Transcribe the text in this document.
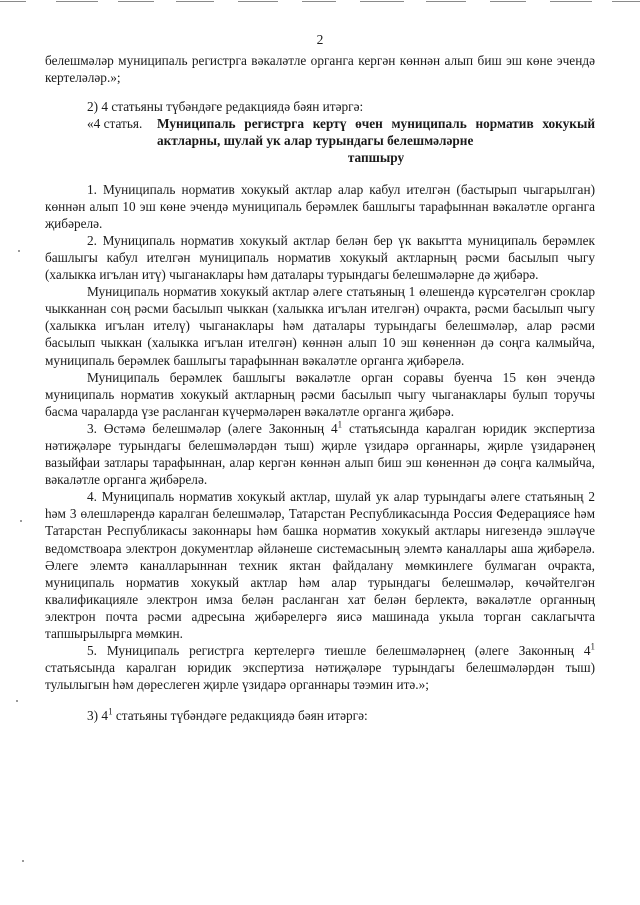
2

белешмәләр муниципаль регистрга вәкаләтле органга кергән көннән алып биш эш көне эчендә кертеләләр.»;

2) 4 статьяны түбәндәге редакциядә бәян итәргә:

«4 статья.	Муниципаль регистрга кертү өчен муниципаль норматив хокукый актларны, шулай ук алар турындагы белешмәләрне
тапшыру

1. Муниципаль норматив хокукый актлар алар кабул ителгән (бастырып чыгарылган) көннән алып 10 эш көне эчендә муниципаль берәмлек башлыгы тарафыннан вәкаләтле органга җибәрелә.

2. Муниципаль норматив хокукый актлар белән бер үк вакытта муниципаль берәмлек башлыгы кабул ителгән муниципаль норматив хокукый актларның рәсми басылып чыгу (халыкка игълан итү) чыганаклары һәм даталары турындагы белешмәләрне дә җибәрә.

Муниципаль норматив хокукый актлар әлеге статьяның 1 өлешендә күрсәтелгән сроклар чыкканнан соң рәсми басылып чыккан (халыкка игълан ителгән) очракта, рәсми басылып чыгу (халыкка игълан ителү) чыганаклары һәм даталары турындагы белешмәләр, алар рәсми басылып чыккан (халыкка игълан ителгән) көннән алып 10 эш көненнән дә соңга калмыйча, муниципаль берәмлек башлыгы тарафыннан вәкаләтле органга җибәрелә.

Муниципаль берәмлек башлыгы вәкаләтле орган соравы буенча 15 көн эчендә муниципаль норматив хокукый актларның рәсми басылып чыгу чыганаклары булып торучы басма чараларда үзе расланган күчермәләрен вәкаләтле органга җибәрә.

3. Өстәмә белешмәләр (әлеге Законның $4^1$ статьясында каралган юридик экспертиза нәтиҗәләре турындагы белешмәләрдән тыш) җирле үзидарә органнары, җирле үзидарәнең вазыйфаи затлары тарафыннан, алар кергән көннән алып биш эш көненнән дә соңга калмыйча, вәкаләтле органга җибәрелә.

4. Муниципаль норматив хокукый актлар, шулай ук алар турындагы әлеге статьяның 2 һәм 3 өлешләрендә каралган белешмәләр, Татарстан Республикасында Россия Федерациясе һәм Татарстан Республикасы законнары һәм башка норматив хокукый актлары нигезендә эшләүче ведомствоара электрон документлар әйләнеше системасының элемтә каналлары аша җибәрелә. Әлеге элемтә каналларыннан техник яктан файдалану мөмкинлеге булмаган очракта, муниципаль норматив хокукый актлар һәм алар турындагы белешмәләр, көчәйтелгән квалификацияле электрон имза белән расланган хат белән берлектә, вәкаләтле органның электрон почта рәсми адресына җибәрелергә яисә машинада укыла торган саклагычта тапшырылырга мөмкин.

5. Муниципаль регистрга кертелергә тиешле белешмәләрнең (әлеге Законның $4^1$ статьясында каралган юридик экспертиза нәтиҗәләре турындагы белешмәләрдән тыш) тулылыгын һәм дөреслеген җирле үзидарә органнары тәэмин итә.»;

3) $4^1$ статьяны түбәндәге редакциядә бәян итәргә:
